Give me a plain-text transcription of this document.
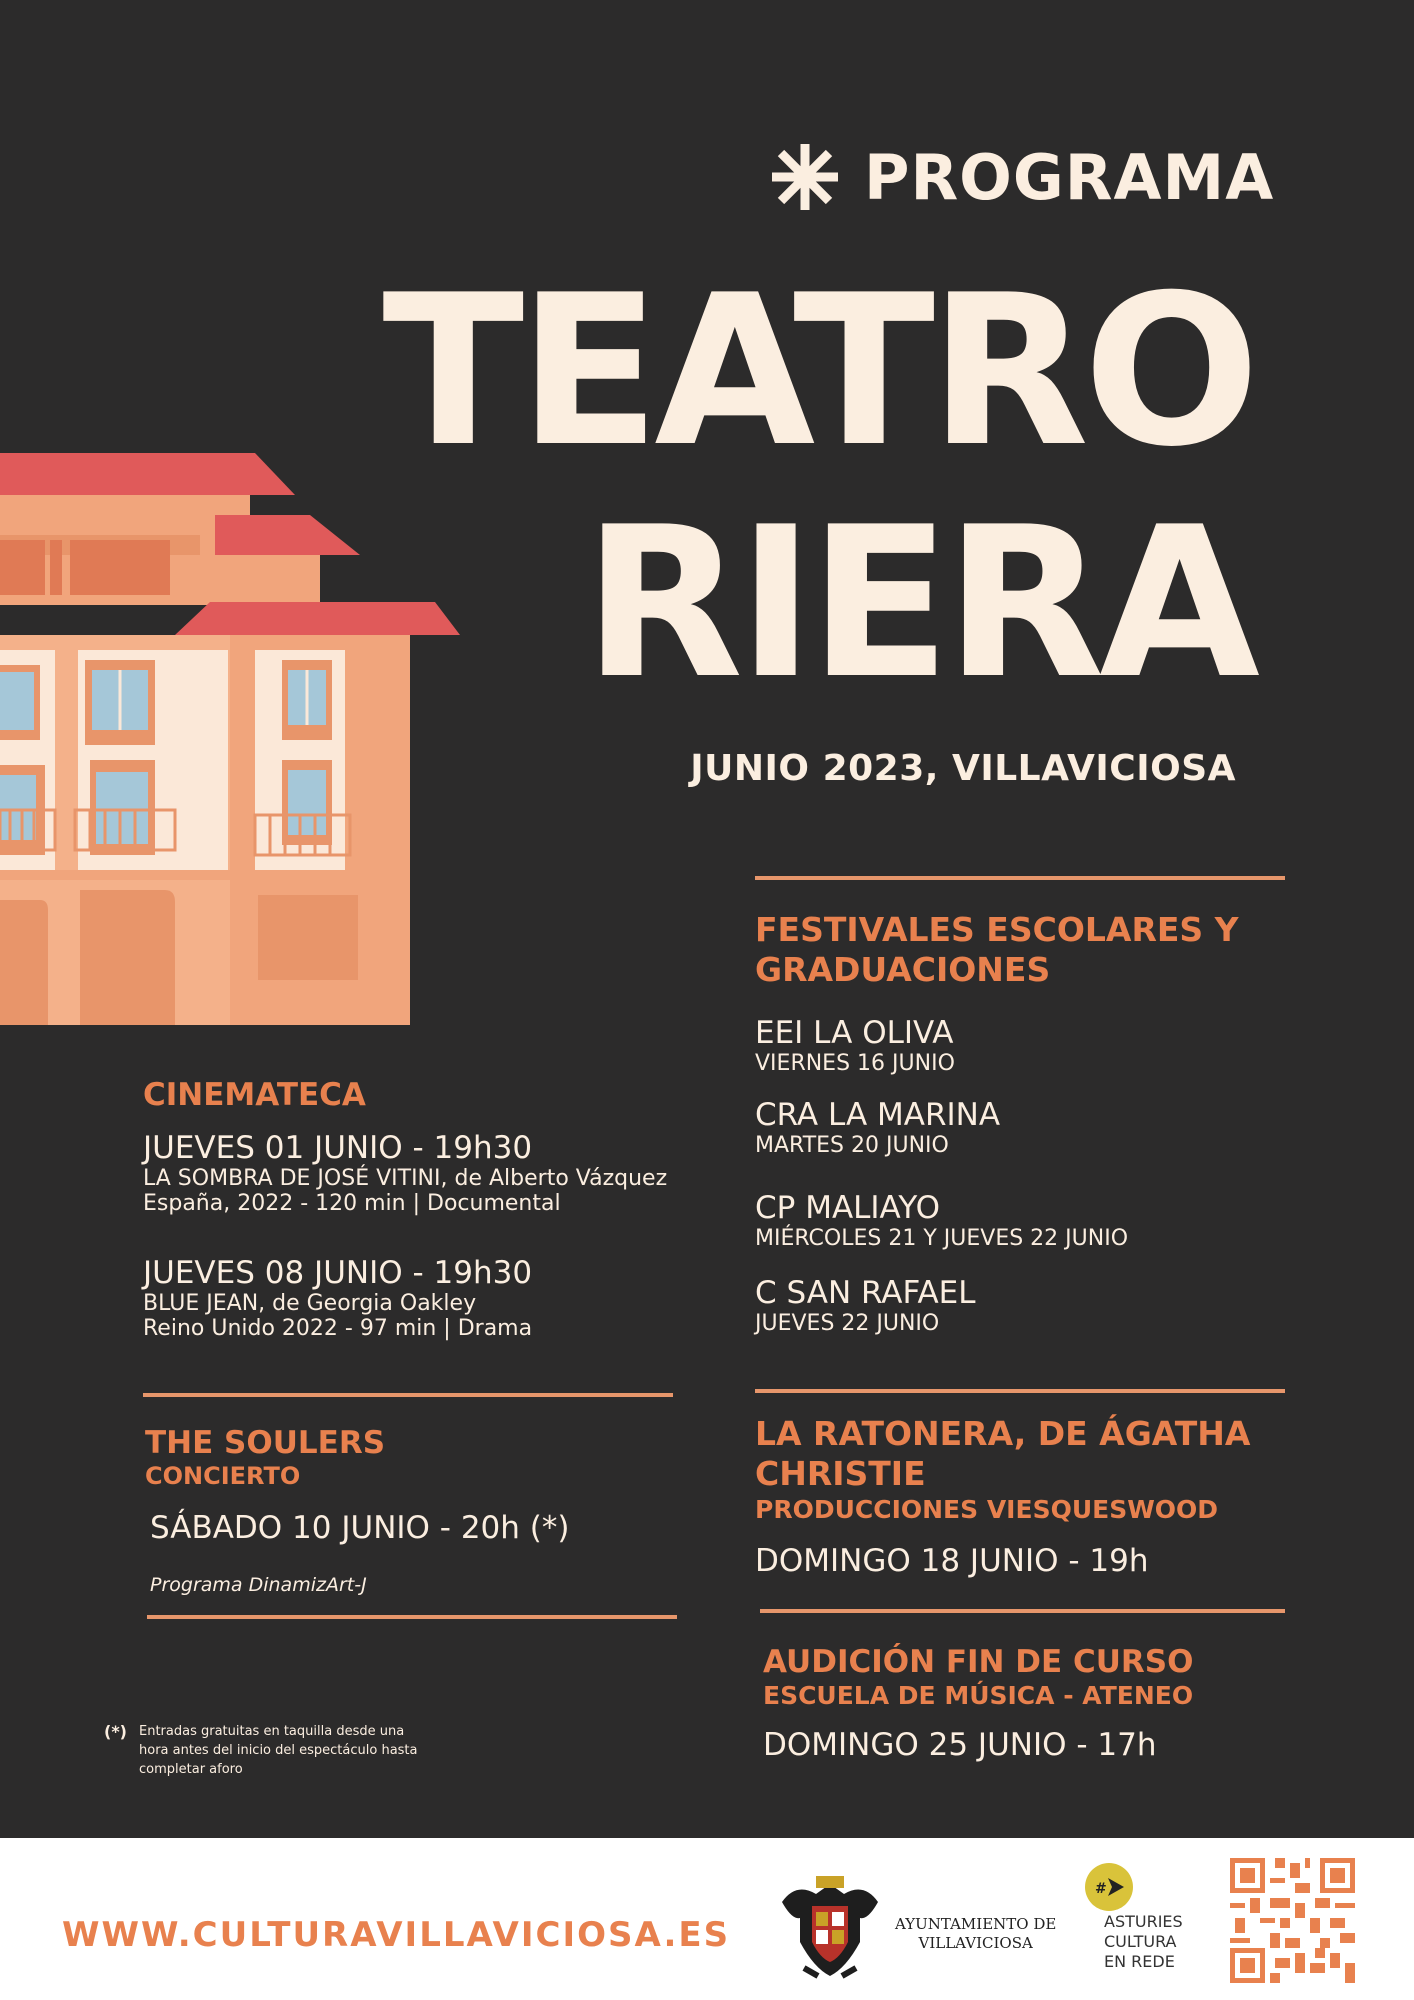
PROGRAMA
TEATRO
RIERA
JUNIO 2023, VILLAVICIOSA
FESTIVALES ESCOLARES Y
GRADUACIONES
EEI LA OLIVA
VIERNES 16 JUNIO
CRA LA MARINA
MARTES 20 JUNIO
CP MALIAYO
MIÉRCOLES 21 Y JUEVES 22 JUNIO
C SAN RAFAEL
JUEVES 22 JUNIO
CINEMATECA
JUEVES 01 JUNIO - 19h30
LA SOMBRA DE JOSÉ VITINI, de Alberto Vázquez
España, 2022 - 120 min | Documental
JUEVES 08 JUNIO - 19h30
BLUE JEAN, de Georgia Oakley
Reino Unido 2022 - 97 min | Drama
THE SOULERS
CONCIERTO
SÁBADO 10 JUNIO - 20h (*)
Programa DinamizArt-J
LA RATONERA, DE ÁGATHA
CHRISTIE
PRODUCCIONES VIESQUESWOOD
DOMINGO 18 JUNIO - 19h
AUDICIÓN FIN DE CURSO
ESCUELA DE MÚSICA - ATENEO
DOMINGO 25 JUNIO - 17h
(*) Entradas gratuitas en taquilla desde una
hora antes del inicio del espectáculo hasta
completar aforo
WWW.CULTURAVILLAVICIOSA.ES	AYUNTAMIENTO DE
VILLAVICIOSA
#
ASTURIES
CULTURA
EN REDE
